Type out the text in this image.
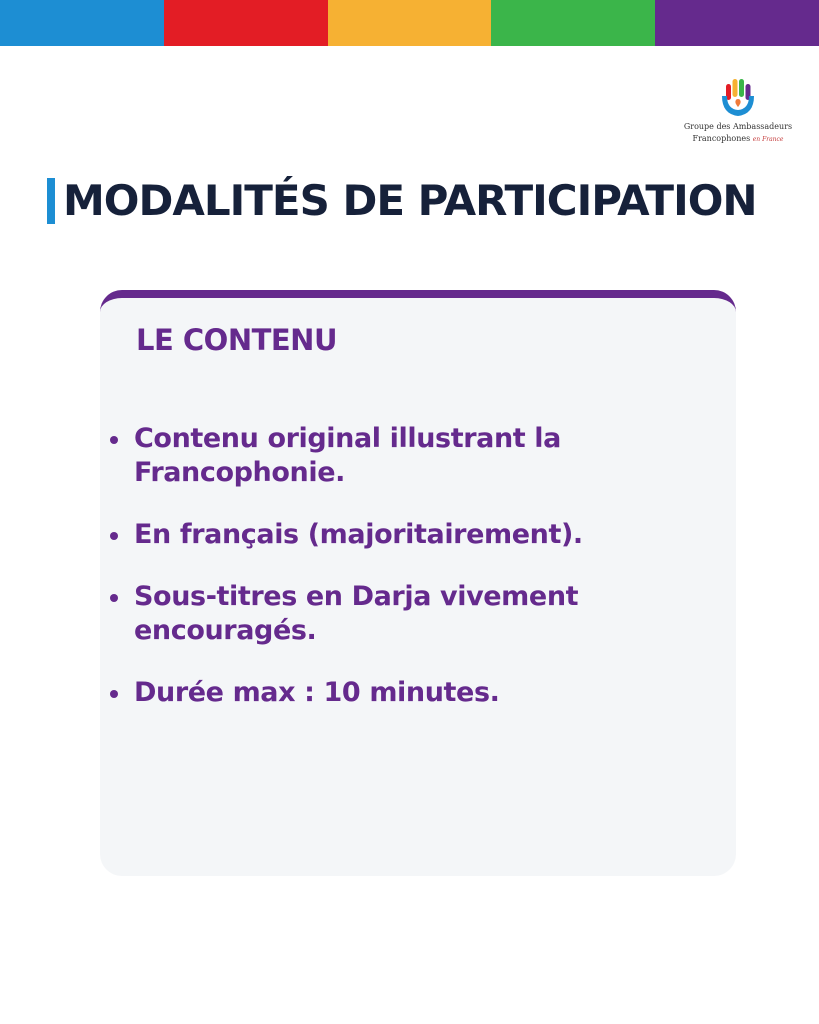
Groupe des Ambassadeurs
Francophones en France
MODALITÉS DE PARTICIPATION
LE CONTENU
Contenu original illustrant la Francophonie.
En français (majoritairement).
Sous-titres en Darja vivement encouragés.
Durée max : 10 minutes.
